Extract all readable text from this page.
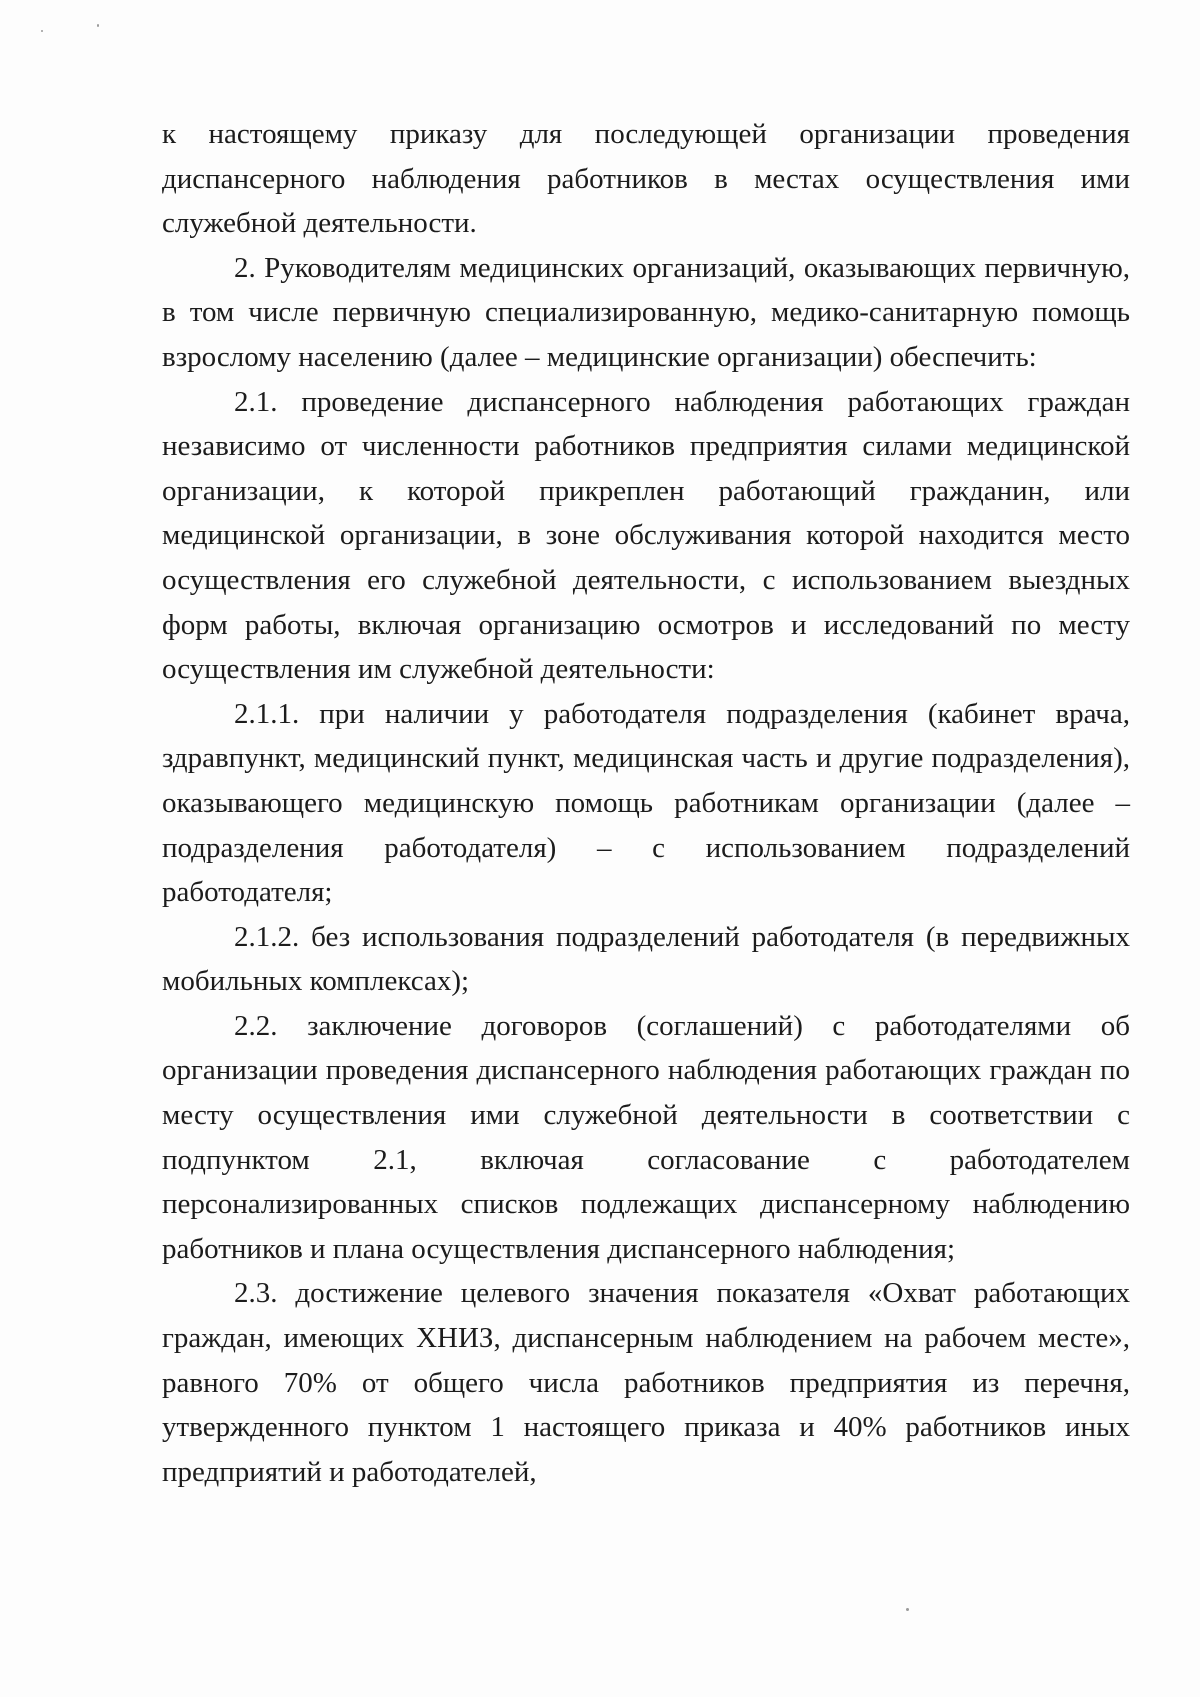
к настоящему приказу для последующей организации проведения диспансерного наблюдения работников в местах осуществления ими служебной деятельности.

2. Руководителям медицинских организаций, оказывающих первичную, в том числе первичную специализированную, медико-санитарную помощь взрослому населению (далее – медицинские организации) обеспечить:

2.1. проведение диспансерного наблюдения работающих граждан независимо от численности работников предприятия силами медицинской организации, к которой прикреплен работающий гражданин, или медицинской организации, в зоне обслуживания которой находится место осуществления его служебной деятельности, с использованием выездных форм работы, включая организацию осмотров и исследований по месту осуществления им служебной деятельности:

2.1.1. при наличии у работодателя подразделения (кабинет врача, здравпункт, медицинский пункт, медицинская часть и другие подразделения), оказывающего медицинскую помощь работникам организации (далее – подразделения работодателя) – с использованием подразделений работодателя;

2.1.2. без использования подразделений работодателя (в передвижных мобильных комплексах);

2.2. заключение договоров (соглашений) с работодателями об организации проведения диспансерного наблюдения работающих граждан по месту осуществления ими служебной деятельности в соответствии с подпунктом 2.1, включая согласование с работодателем персонализированных списков подлежащих диспансерному наблюдению работников и плана осуществления диспансерного наблюдения;

2.3. достижение целевого значения показателя «Охват работающих граждан, имеющих ХНИЗ, диспансерным наблюдением на рабочем месте», равного 70% от общего числа работников предприятия из перечня, утвержденного пунктом 1 настоящего приказа и 40% работников иных предприятий и работодателей,
